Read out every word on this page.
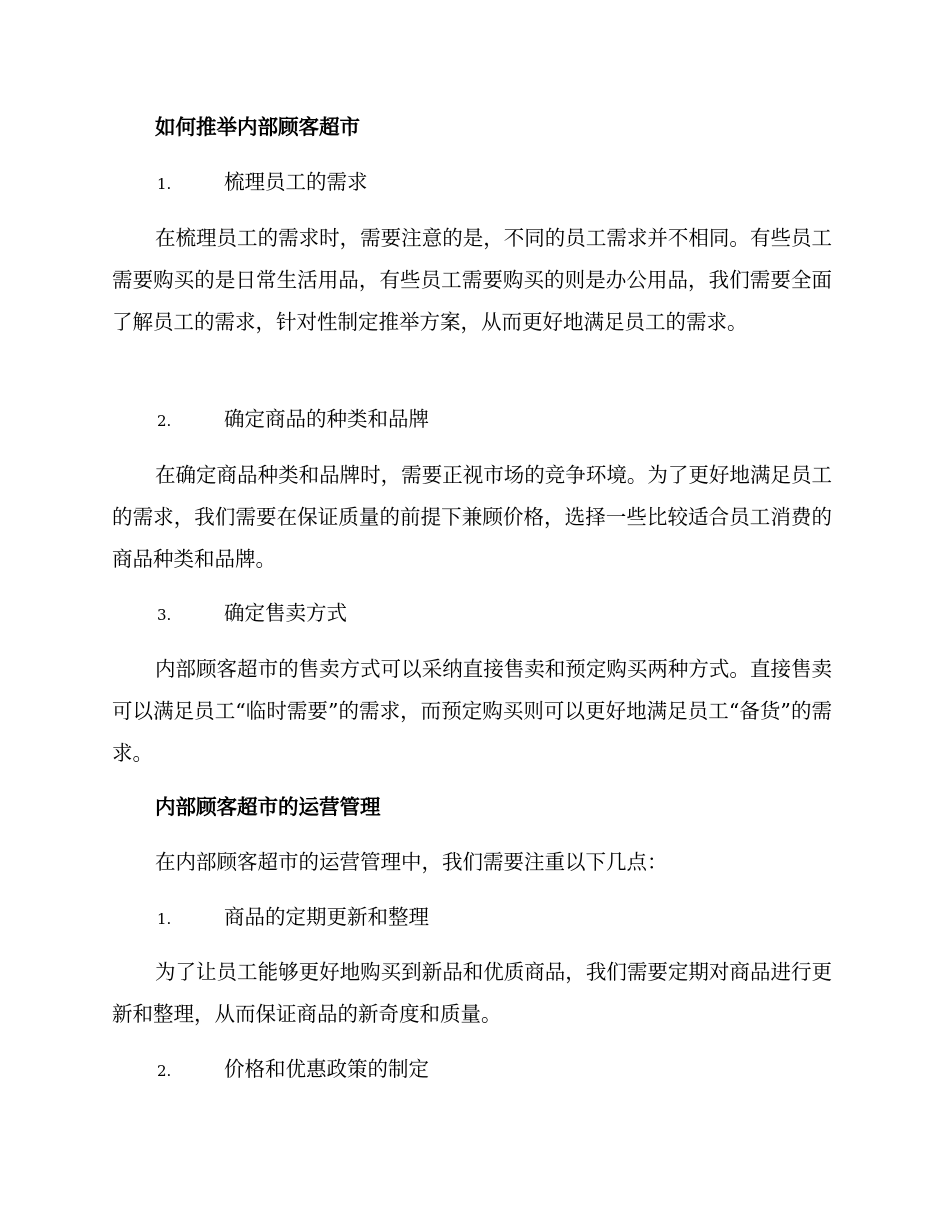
如何推举内部顾客超市
1.	梳理员工的需求

在梳理员工的需求时，需要注意的是，不同的员工需求并不相同。有些员工需要购买的是日常生活用品，有些员工需要购买的则是办公用品，我们需要全面了解员工的需求，针对性制定推举方案，从而更好地满足员工的需求。

2.	确定商品的种类和品牌

在确定商品种类和品牌时，需要正视市场的竞争环境。为了更好地满足员工的需求，我们需要在保证质量的前提下兼顾价格，选择一些比较适合员工消费的商品种类和品牌。

3.	确定售卖方式

内部顾客超市的售卖方式可以采纳直接售卖和预定购买两种方式。直接售卖可以满足员工“临时需要”的需求，而预定购买则可以更好地满足员工“备货”的需求。

内部顾客超市的运营管理

在内部顾客超市的运营管理中，我们需要注重以下几点：

1.	商品的定期更新和整理

为了让员工能够更好地购买到新品和优质商品，我们需要定期对商品进行更新和整理，从而保证商品的新奇度和质量。

2.	价格和优惠政策的制定
